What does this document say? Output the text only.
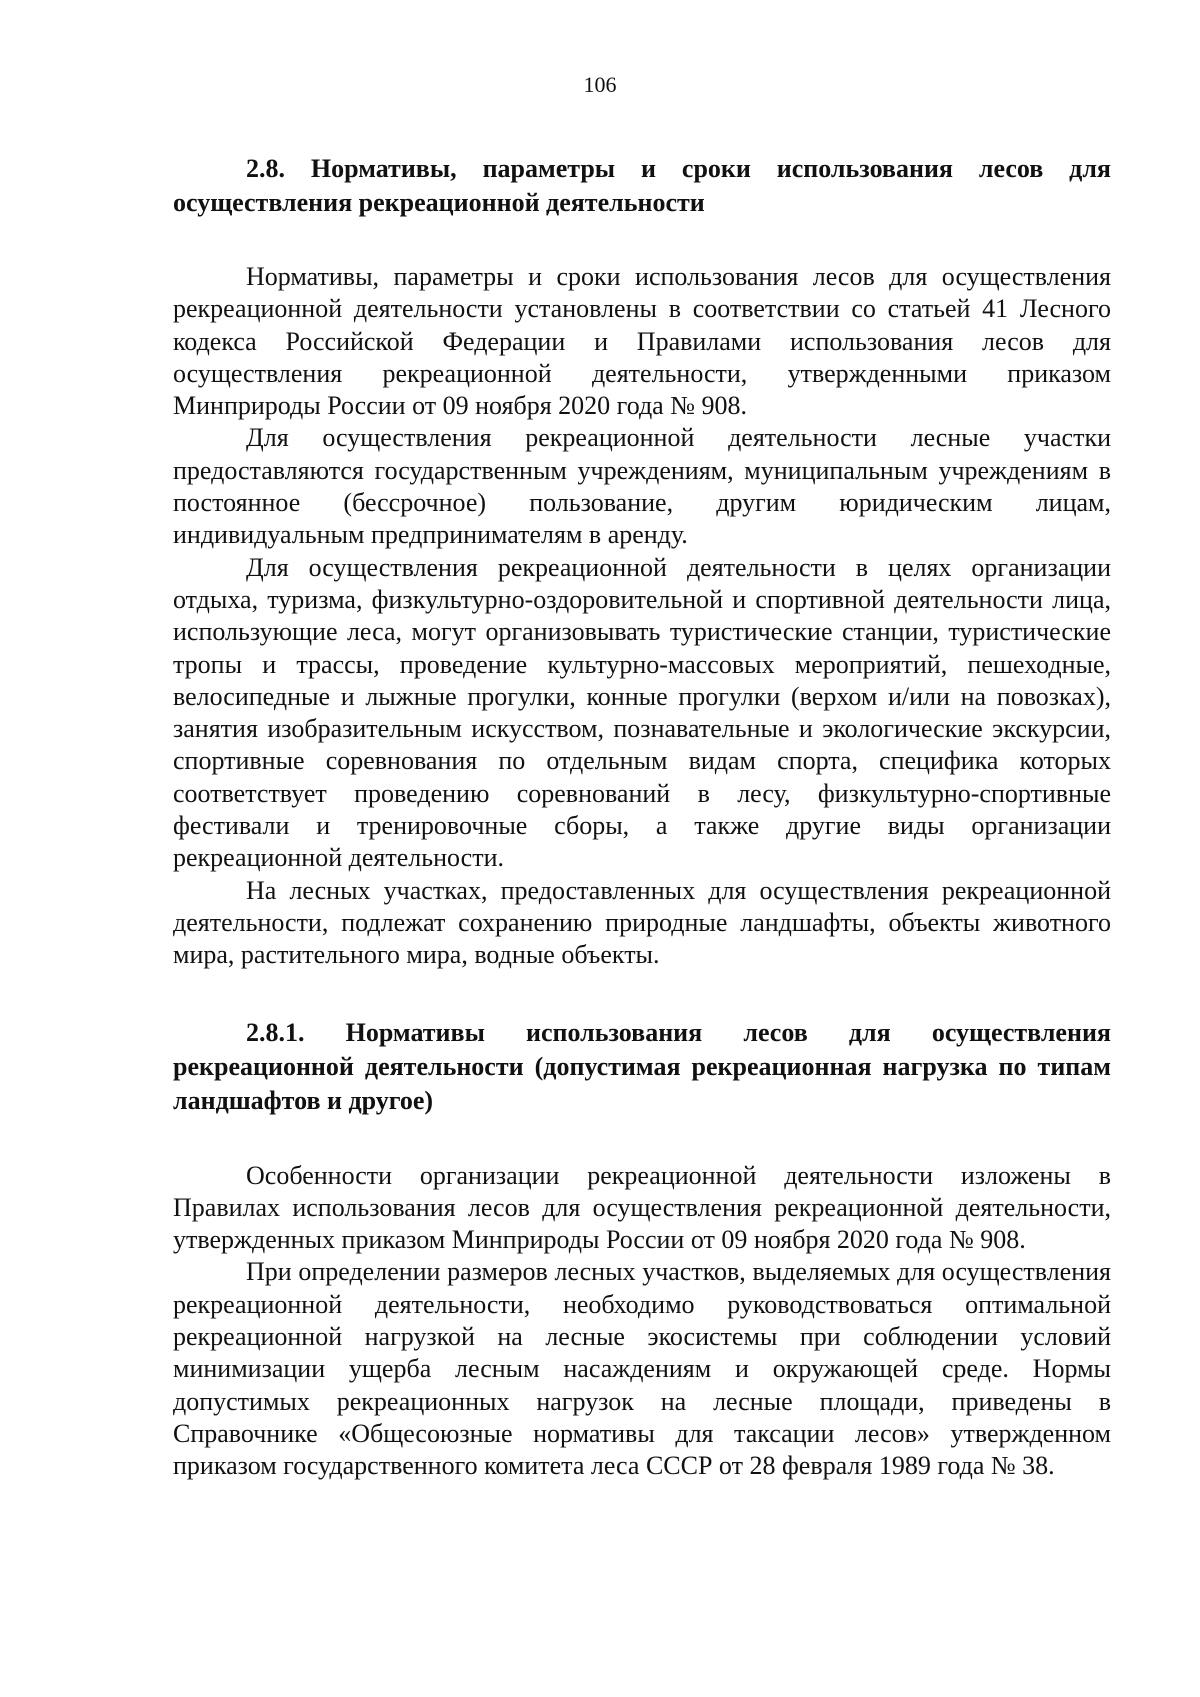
106
2.8. Нормативы, параметры и сроки использования лесов для осуществления рекреационной деятельности

Нормативы, параметры и сроки использования лесов для осуществления рекреационной деятельности установлены в соответствии со статьей 41 Лесного кодекса Российской Федерации и Правилами использования лесов для осуществления рекреационной деятельности, утвержденными приказом Минприроды России от 09 ноября 2020 года № 908.

Для осуществления рекреационной деятельности лесные участки предоставляются государственным учреждениям, муниципальным учреждениям в постоянное (бессрочное) пользование, другим юридическим лицам, индивидуальным предпринимателям в аренду.

Для осуществления рекреационной деятельности в целях организации отдыха, туризма, физкультурно-оздоровительной и спортивной деятельности лица, использующие леса, могут организовывать туристические станции, туристические тропы и трассы, проведение культурно-массовых мероприятий, пешеходные, велосипедные и лыжные прогулки, конные прогулки (верхом и/или на повозках), занятия изобразительным искусством, познавательные и экологические экскурсии, спортивные соревнования по отдельным видам спорта, специфика которых соответствует проведению соревнований в лесу, физкультурно-спортивные фестивали и тренировочные сборы, а также другие виды организации рекреационной деятельности.

На лесных участках, предоставленных для осуществления рекреационной деятельности, подлежат сохранению природные ландшафты, объекты животного мира, растительного мира, водные объекты.

2.8.1. Нормативы использования лесов для осуществления рекреационной деятельности (допустимая рекреационная нагрузка по типам ландшафтов и другое)

Особенности организации рекреационной деятельности изложены в Правилах использования лесов для осуществления рекреационной деятельности, утвержденных приказом Минприроды России от 09 ноября 2020 года № 908.

При определении размеров лесных участков, выделяемых для осуществления рекреационной деятельности, необходимо руководствоваться оптимальной рекреационной нагрузкой на лесные экосистемы при соблюдении условий минимизации ущерба лесным насаждениям и окружающей среде. Нормы допустимых рекреационных нагрузок на лесные площади, приведены в Справочнике «Общесоюзные нормативы для таксации лесов» утвержденном приказом государственного комитета леса СССР от 28 февраля 1989 года № 38.
